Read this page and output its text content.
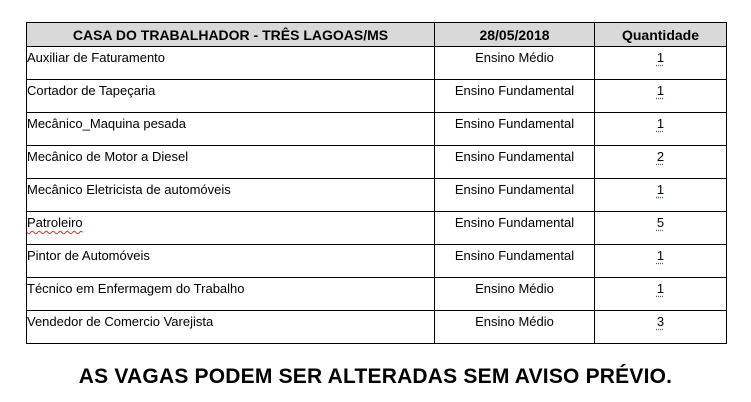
CASA DO TRABALHADOR - TRÊS LAGOAS/MS	28/05/2018	Quantidade
Auxiliar de Faturamento	Ensino Médio	1
Cortador de Tapeçaria	Ensino Fundamental	1
Mecânico_Maquina pesada	Ensino Fundamental	1
Mecânico de Motor a Diesel	Ensino Fundamental	2
Mecânico Eletricista de automóveis	Ensino Fundamental	1
Patroleiro	Ensino Fundamental	5
Pintor de Automóveis	Ensino Fundamental	1
Técnico em Enfermagem do Trabalho	Ensino Médio	1
Vendedor de Comercio Varejista	Ensino Médio	3
AS VAGAS PODEM SER ALTERADAS SEM AVISO PRÉVIO.
